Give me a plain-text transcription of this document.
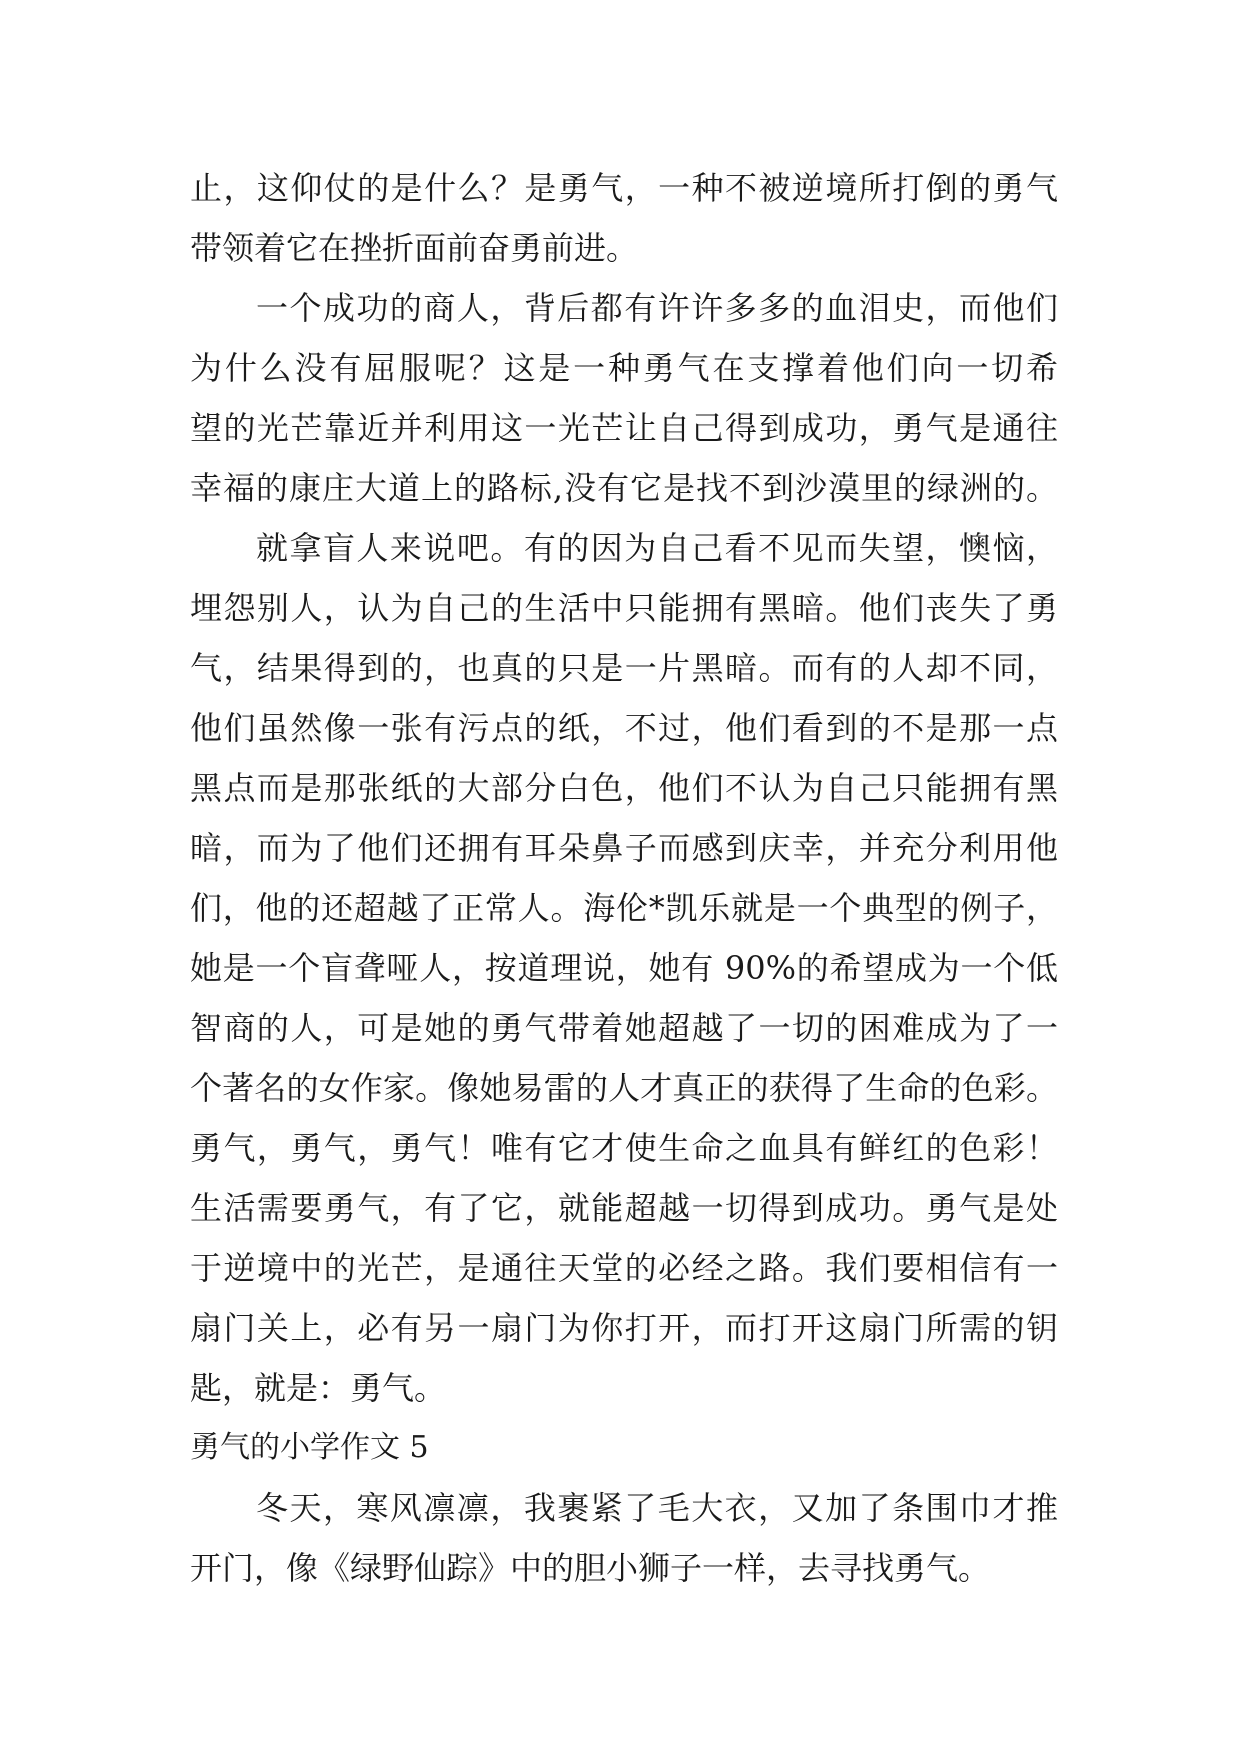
止，这仰仗的是什么？是勇气，一种不被逆境所打倒的勇气
带领着它在挫折面前奋勇前进。
一个成功的商人，背后都有许许多多的血泪史，而他们
为什么没有屈服呢？这是一种勇气在支撑着他们向一切希
望的光芒靠近并利用这一光芒让自己得到成功，勇气是通往
幸福的康庄大道上的路标,没有它是找不到沙漠里的绿洲的。
就拿盲人来说吧。有的因为自己看不见而失望，懊恼，
埋怨别人，认为自己的生活中只能拥有黑暗。他们丧失了勇
气，结果得到的，也真的只是一片黑暗。而有的人却不同，
他们虽然像一张有污点的纸，不过，他们看到的不是那一点
黑点而是那张纸的大部分白色，他们不认为自己只能拥有黑
暗，而为了他们还拥有耳朵鼻子而感到庆幸，并充分利用他
们，他的还超越了正常人。海伦*凯乐就是一个典型的例子，
她是一个盲聋哑人，按道理说，她有 90%的希望成为一个低
智商的人，可是她的勇气带着她超越了一切的困难成为了一
个著名的女作家。像她易雷的人才真正的获得了生命的色彩。
勇气，勇气，勇气！唯有它才使生命之血具有鲜红的色彩！
生活需要勇气，有了它，就能超越一切得到成功。勇气是处
于逆境中的光芒，是通往天堂的必经之路。我们要相信有一
扇门关上，必有另一扇门为你打开，而打开这扇门所需的钥
匙，就是：勇气。
勇气的小学作文 5
冬天，寒风凛凛，我裹紧了毛大衣，又加了条围巾才推
开门，像《绿野仙踪》中的胆小狮子一样，去寻找勇气。
